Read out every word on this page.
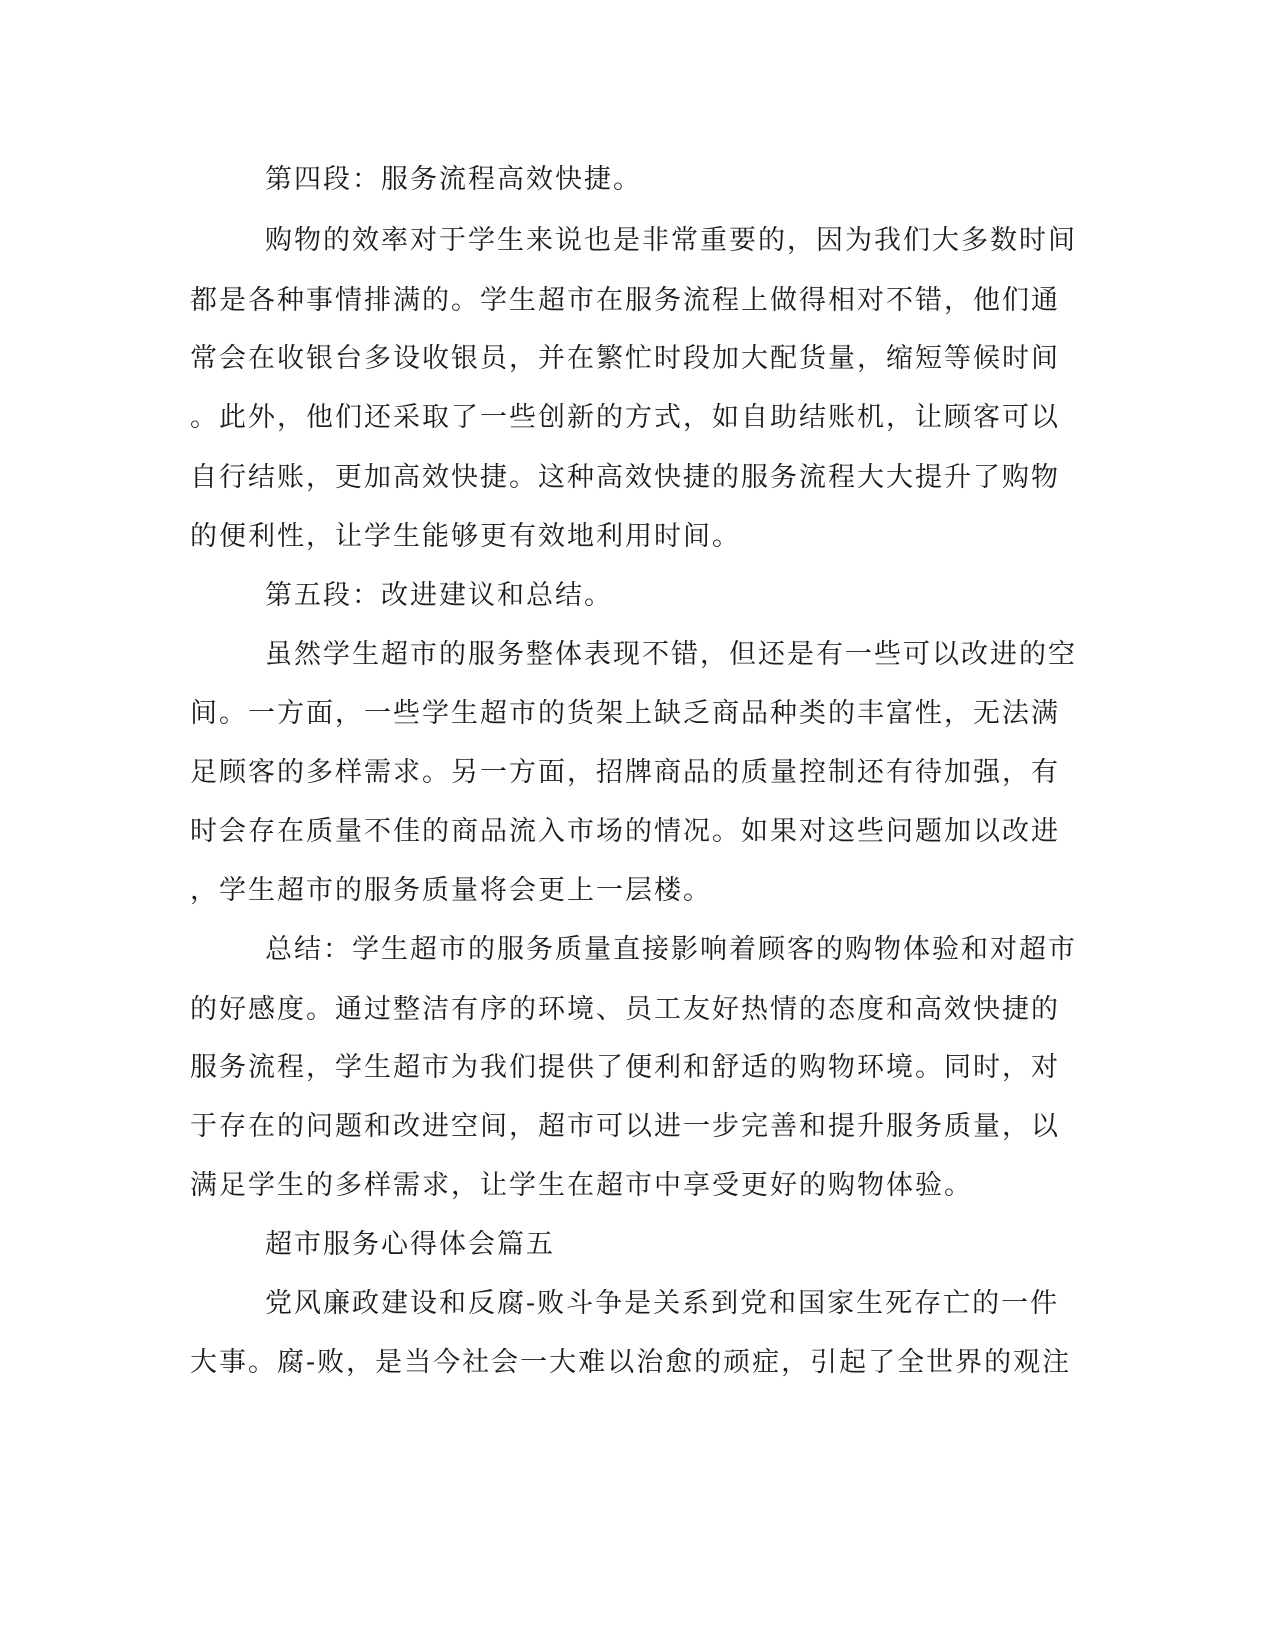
第四段：服务流程高效快捷。
购物的效率对于学生来说也是非常重要的，因为我们大多数时间
都是各种事情排满的。学生超市在服务流程上做得相对不错，他们通
常会在收银台多设收银员，并在繁忙时段加大配货量，缩短等候时间
。此外，他们还采取了一些创新的方式，如自助结账机，让顾客可以
自行结账，更加高效快捷。这种高效快捷的服务流程大大提升了购物
的便利性，让学生能够更有效地利用时间。
第五段：改进建议和总结。
虽然学生超市的服务整体表现不错，但还是有一些可以改进的空
间。一方面，一些学生超市的货架上缺乏商品种类的丰富性，无法满
足顾客的多样需求。另一方面，招牌商品的质量控制还有待加强，有
时会存在质量不佳的商品流入市场的情况。如果对这些问题加以改进
，学生超市的服务质量将会更上一层楼。
总结：学生超市的服务质量直接影响着顾客的购物体验和对超市
的好感度。通过整洁有序的环境、员工友好热情的态度和高效快捷的
服务流程，学生超市为我们提供了便利和舒适的购物环境。同时，对
于存在的问题和改进空间，超市可以进一步完善和提升服务质量，以
满足学生的多样需求，让学生在超市中享受更好的购物体验。
超市服务心得体会篇五
党风廉政建设和反腐-败斗争是关系到党和国家生死存亡的一件
大事。腐-败，是当今社会一大难以治愈的顽症，引起了全世界的观注
